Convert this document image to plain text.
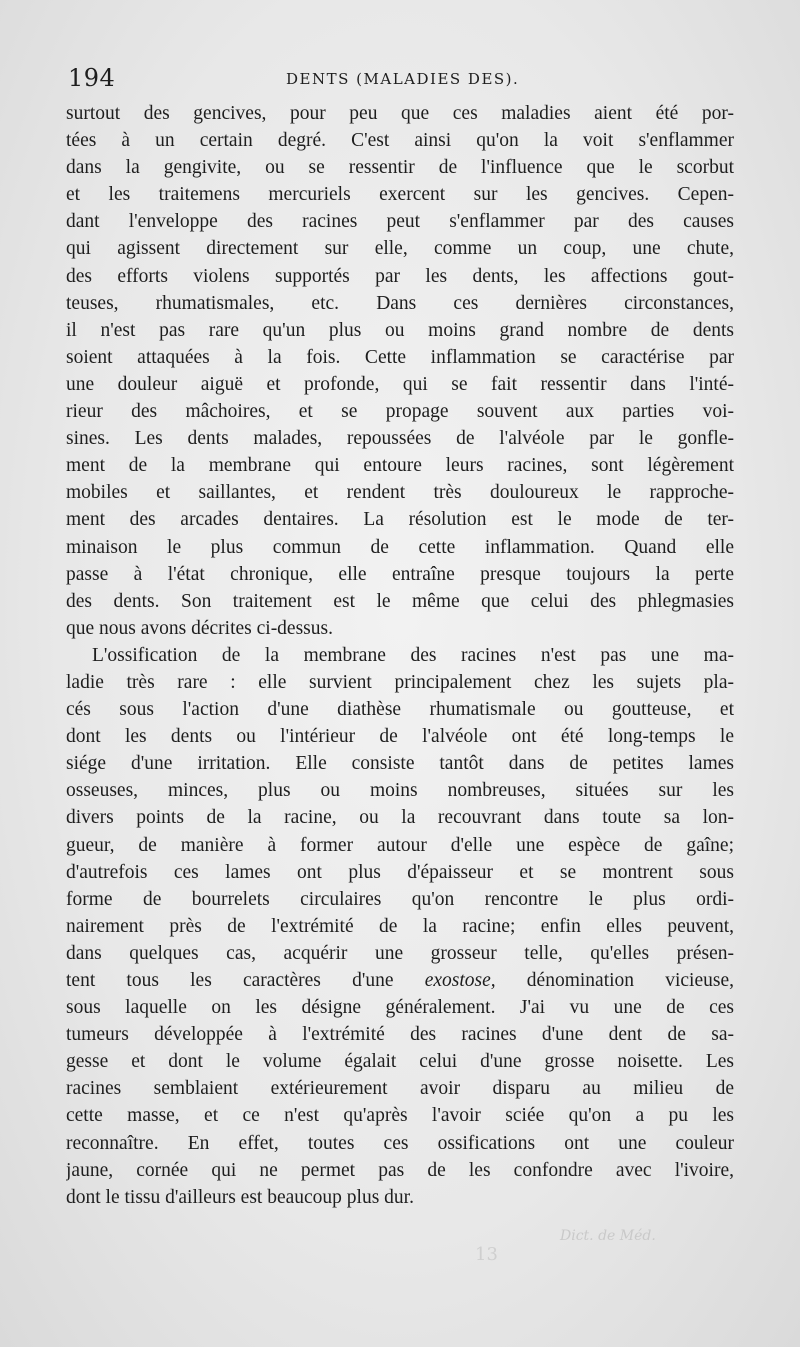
194	DENTS (MALADIES DES).
surtout des gencives, pour peu que ces maladies aient été por-
tées à un certain degré. C'est ainsi qu'on la voit s'enflammer
dans la gengivite, ou se ressentir de l'influence que le scorbut
et les traitemens mercuriels exercent sur les gencives. Cepen-
dant l'enveloppe des racines peut s'enflammer par des causes
qui agissent directement sur elle, comme un coup, une chute,
des efforts violens supportés par les dents, les affections gout-
teuses, rhumatismales, etc. Dans ces dernières circonstances,
il n'est pas rare qu'un plus ou moins grand nombre de dents
soient attaquées à la fois. Cette inflammation se caractérise par
une douleur aiguë et profonde, qui se fait ressentir dans l'inté-
rieur des mâchoires, et se propage souvent aux parties voi-
sines. Les dents malades, repoussées de l'alvéole par le gonfle-
ment de la membrane qui entoure leurs racines, sont légèrement
mobiles et saillantes, et rendent très douloureux le rapproche-
ment des arcades dentaires. La résolution est le mode de ter-
minaison le plus commun de cette inflammation. Quand elle
passe à l'état chronique, elle entraîne presque toujours la perte
des dents. Son traitement est le même que celui des phlegmasies
que nous avons décrites ci-dessus.
L'ossification de la membrane des racines n'est pas une ma-
ladie très rare : elle survient principalement chez les sujets pla-
cés sous l'action d'une diathèse rhumatismale ou goutteuse, et
dont les dents ou l'intérieur de l'alvéole ont été long-temps le
siége d'une irritation. Elle consiste tantôt dans de petites lames
osseuses, minces, plus ou moins nombreuses, situées sur les
divers points de la racine, ou la recouvrant dans toute sa lon-
gueur, de manière à former autour d'elle une espèce de gaîne;
d'autrefois ces lames ont plus d'épaisseur et se montrent sous
forme de bourrelets circulaires qu'on rencontre le plus ordi-
nairement près de l'extrémité de la racine; enfin elles peuvent,
dans quelques cas, acquérir une grosseur telle, qu'elles présen-
tent tous les caractères d'une exostose, dénomination vicieuse,
sous laquelle on les désigne généralement. J'ai vu une de ces
tumeurs développée à l'extrémité des racines d'une dent de sa-
gesse et dont le volume égalait celui d'une grosse noisette. Les
racines semblaient extérieurement avoir disparu au milieu de
cette masse, et ce n'est qu'après l'avoir sciée qu'on a pu les
reconnaître. En effet, toutes ces ossifications ont une couleur
jaune, cornée qui ne permet pas de les confondre avec l'ivoire,
dont le tissu d'ailleurs est beaucoup plus dur.
Dict. de Méd.
13
